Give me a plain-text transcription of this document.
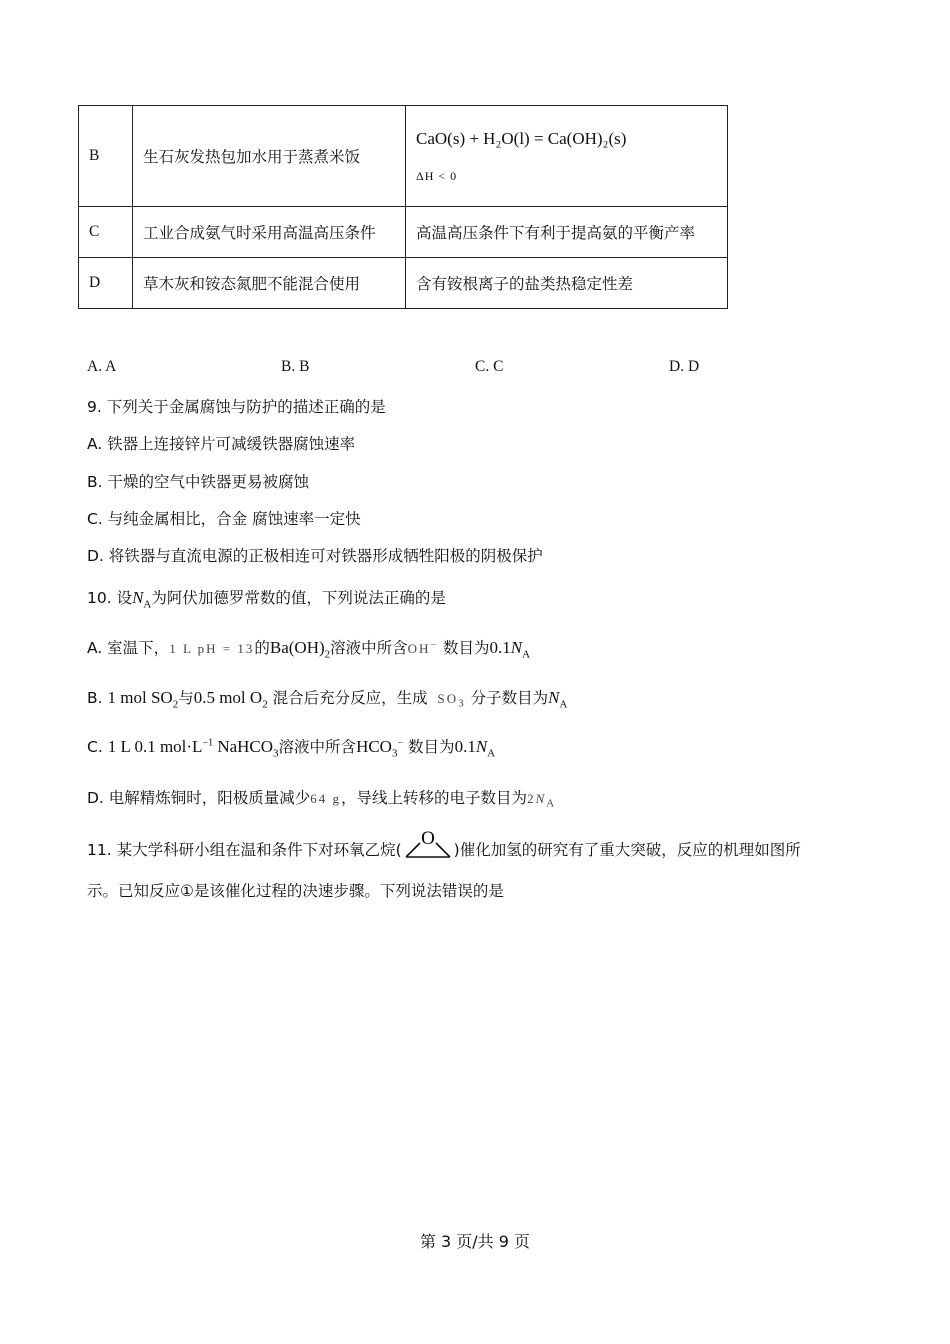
B	生石灰发热包加水用于蒸煮米饭	CaO(s) + H₂O(l) = Ca(OH)₂(s)
ΔH < 0

C	工业合成氨气时采用高温高压条件	高温高压条件下有利于提高氨的平衡产率
D	草木灰和铵态氮肥不能混合使用	含有铵根离子的盐类热稳定性差
A. A	B. B	C. C	D. D
9. 下列关于金属腐蚀与防护的描述正确的是
A. 铁器上连接锌片可减缓铁器腐蚀速率
B. 干燥的空气中铁器更易被腐蚀
C. 与纯金属相比，合金 腐蚀速率一定快
D. 将铁器与直流电源的正极相连可对铁器形成牺牲阳极的阴极保护
10. 设$N_A$为阿伏加德罗常数的值，下列说法正确的是
A. 室温下，1 L pH = 13的$Ba(OH)_2$溶液中所含OH− 数目为$0.1N_A$
B. 1 mol $SO_2$与0.5 mol $O_2$ 混合后充分反应，生成 $SO_3$ 分子数目为$N_A$
C. 1 L 0.1 $mol\cdot L^{-1}$ NaHCO$_3$溶液中所含$HCO_3^-$ 数目为$0.1N_A$
D. 电解精炼铜时，阳极质量减少64 g，导线上转移的电子数目为$2N_A$
11. 某大学科研小组在温和条件下对环氧乙烷(
O
)催化加氢的研究有了重大突破，反应的机理如图所
示。已知反应①是该催化过程的决速步骤。下列说法错误的是
第 3 页/共 9 页
